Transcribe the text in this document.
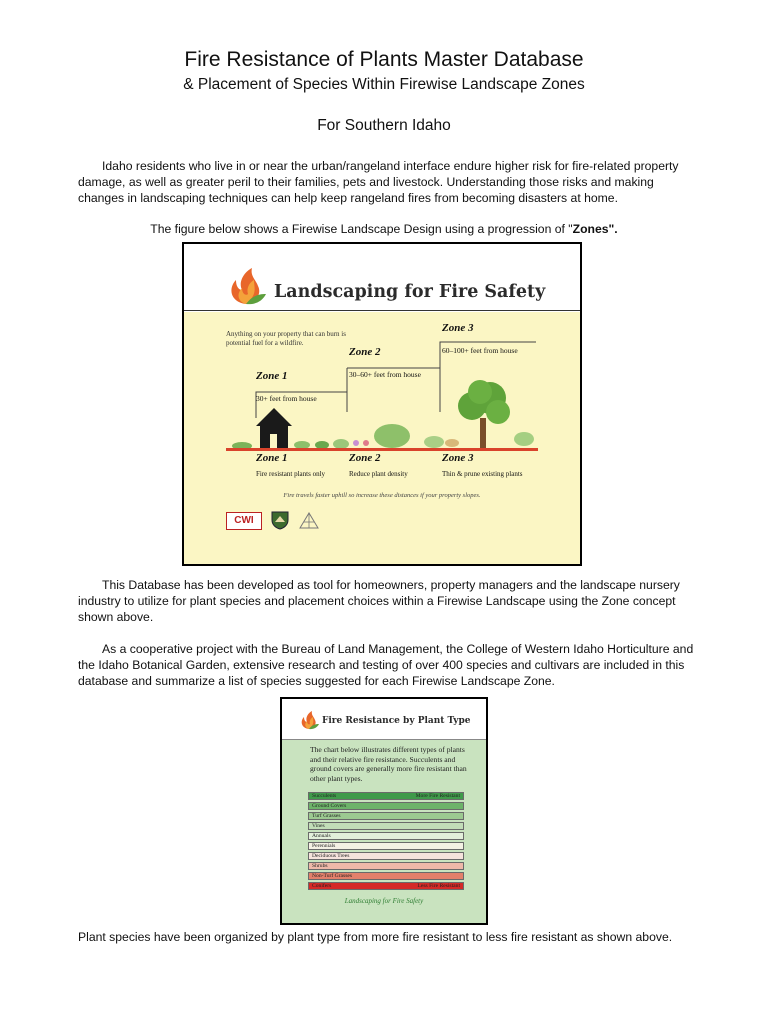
Fire Resistance of Plants Master Database
& Placement of Species Within Firewise Landscape Zones
For Southern Idaho
Idaho residents who live in or near the urban/rangeland interface endure higher risk for fire-related property damage, as well as greater peril to their families, pets and livestock. Understanding those risks and making changes in landscaping techniques can help keep rangeland fires from becoming disasters at home.
The figure below shows a Firewise Landscape Design using a progression of "Zones".
Landscaping for Fire Safety
Anything on your property that can burn is potential fuel for a wildfire.
Zone 1
30+ feet from house
Zone 2
30–60+ feet from house
Zone 3
60–100+ feet from house
Zone 1
Fire resistant plants only
Zone 2
Reduce plant density
Zone 3
Thin & prune existing plants
Fire travels faster uphill so increase these distances if your property slopes.
CWI
This Database has been developed as tool for homeowners, property managers and the landscape nursery industry to utilize for plant species and placement choices within a Firewise Landscape using the Zone concept shown above.
As a cooperative project with the Bureau of Land Management, the College of Western Idaho Horticulture and the Idaho Botanical Garden, extensive research and testing of over 400 species and cultivars are included in this database and summarize a list of species suggested for each Firewise Landscape Zone.
Fire Resistance by Plant Type
The chart below illustrates different types of plants and their relative fire resistance. Succulents and ground covers are generally more fire resistant than other plant types.
Succulents	More Fire Resistant
Ground Covers
Turf Grasses
Vines
Annuals
Perennials
Deciduous Trees
Shrubs
Non-Turf Grasses
Conifers	Less Fire Resistant
Landscaping for Fire Safety
Plant species have been organized by plant type from more fire resistant to less fire resistant as shown above.
